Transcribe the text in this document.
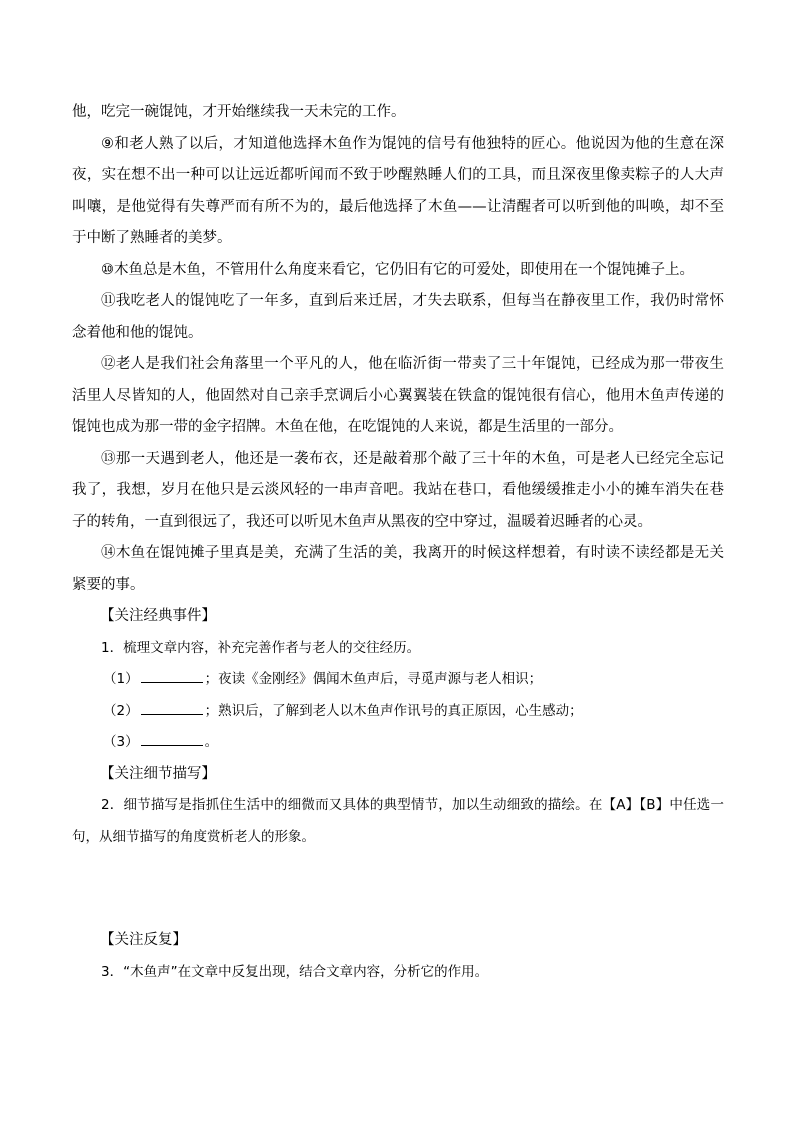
他，吃完一碗馄饨，才开始继续我一天未完的工作。

⑨和老人熟了以后，才知道他选择木鱼作为馄饨的信号有他独特的匠心。他说因为他的生意在深夜，实在想不出一种可以让远近都听闻而不致于吵醒熟睡人们的工具，而且深夜里像卖粽子的人大声叫嚷，是他觉得有失尊严而有所不为的，最后他选择了木鱼——让清醒者可以听到他的叫唤，却不至于中断了熟睡者的美梦。

⑩木鱼总是木鱼，不管用什么角度来看它，它仍旧有它的可爱处，即使用在一个馄饨摊子上。

⑪我吃老人的馄饨吃了一年多，直到后来迁居，才失去联系，但每当在静夜里工作，我仍时常怀念着他和他的馄饨。

⑫老人是我们社会角落里一个平凡的人，他在临沂街一带卖了三十年馄饨，已经成为那一带夜生活里人尽皆知的人，他固然对自己亲手烹调后小心翼翼装在铁盒的馄饨很有信心，他用木鱼声传递的馄饨也成为那一带的金字招牌。木鱼在他，在吃馄饨的人来说，都是生活里的一部分。

⑬那一天遇到老人，他还是一袭布衣，还是敲着那个敲了三十年的木鱼，可是老人已经完全忘记我了，我想，岁月在他只是云淡风轻的一串声音吧。我站在巷口，看他缓缓推走小小的摊车消失在巷子的转角，一直到很远了，我还可以听见木鱼声从黑夜的空中穿过，温暖着迟睡者的心灵。

⑭木鱼在馄饨摊子里真是美，充满了生活的美，我离开的时候这样想着，有时读不读经都是无关紧要的事。

【关注经典事件】

1．梳理文章内容，补充完善作者与老人的交往经历。

（1）	；夜读《金刚经》偶闻木鱼声后，寻觅声源与老人相识；

（2）	；熟识后，了解到老人以木鱼声作讯号的真正原因，心生感动；

（3）	。

【关注细节描写】

2．细节描写是指抓住生活中的细微而又具体的典型情节，加以生动细致的描绘。在【A】【B】中任选一句，从细节描写的角度赏析老人的形象。

【关注反复】

3．“木鱼声”在文章中反复出现，结合文章内容，分析它的作用。
